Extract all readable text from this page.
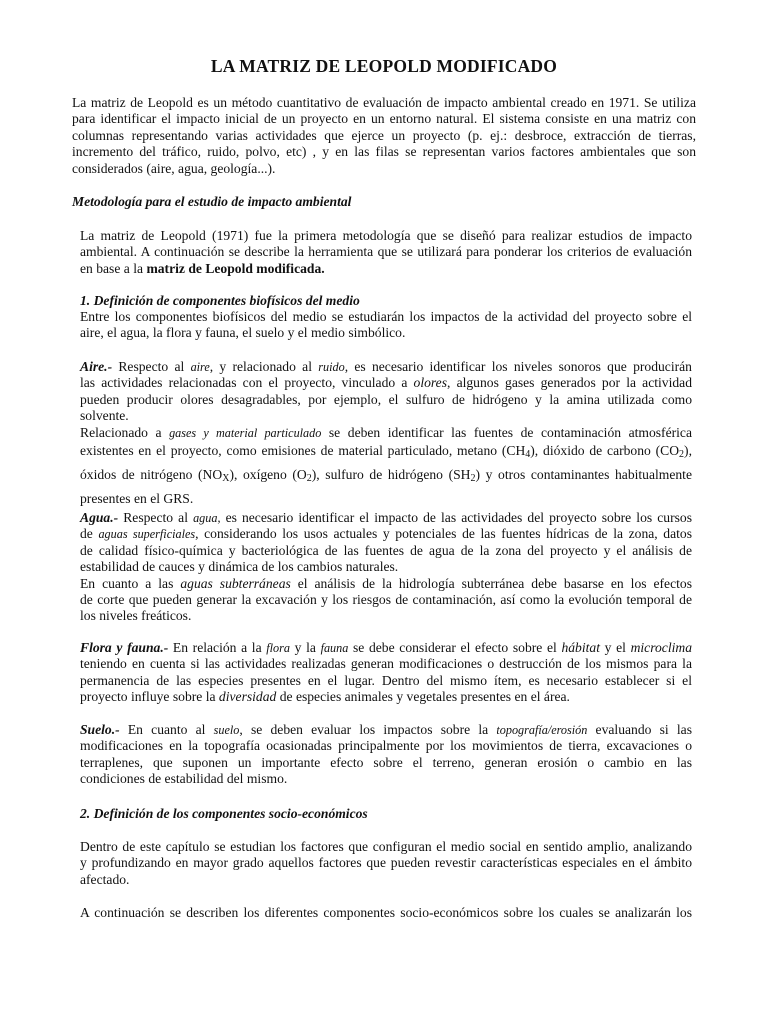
LA MATRIZ DE LEOPOLD MODIFICADO
La matriz de Leopold es un método cuantitativo de evaluación de impacto ambiental creado en 1971. Se utiliza
para identificar el impacto inicial de un proyecto en un entorno natural. El sistema consiste en una matriz con
columnas representando varias actividades que ejerce un proyecto (p. ej.: desbroce, extracción de tierras,
incremento del tráfico, ruido, polvo, etc) , y en las filas se representan varios factores ambientales que son
considerados (aire, agua, geología...).
Metodología para el estudio de impacto ambiental
La matriz de Leopold (1971) fue la primera metodología que se diseñó para realizar estudios de impacto
ambiental. A continuación se describe la herramienta que se utilizará para ponderar los criterios de evaluación
en base a la matriz de Leopold modificada.
1. Definición de componentes biofísicos del medio
Entre los componentes biofísicos del medio se estudiarán los impactos de la actividad del proyecto sobre el
aire, el agua, la flora y fauna, el suelo y el medio simbólico.
Aire.- Respecto al aire, y relacionado al ruido, es necesario identificar los niveles sonoros que producirán
las actividades relacionadas con el proyecto, vinculado a olores, algunos gases generados por la actividad
pueden producir olores desagradables, por ejemplo, el sulfuro de hidrógeno y la amina utilizada como
solvente.
Relacionado a gases y material particulado se deben identificar las fuentes de contaminación atmosférica
existentes en el proyecto, como emisiones de material particulado, metano $(CH_4)$, dióxido de carbono $(CO_2)$,
óxidos de nitrógeno $(NO_X)$, oxígeno $(O_2)$, sulfuro de hidrógeno $(SH_2)$ y otros contaminantes habitualmente
presentes en el GRS.
Agua.- Respecto al agua, es necesario identificar el impacto de las actividades del proyecto sobre los cursos
de aguas superficiales, considerando los usos actuales y potenciales de las fuentes hídricas de la zona, datos
de calidad físico-química y bacteriológica de las fuentes de agua de la zona del proyecto y el análisis de
estabilidad de cauces y dinámica de los cambios naturales.
En cuanto a las aguas subterráneas el análisis de la hidrología subterránea debe basarse en los efectos
de corte que pueden generar la excavación y los riesgos de contaminación, así como la evolución temporal de
los niveles freáticos.
Flora y fauna.- En relación a la flora y la fauna se debe considerar el efecto sobre el hábitat y el microclima
teniendo en cuenta si las actividades realizadas generan modificaciones o destrucción de los mismos para la
permanencia de las especies presentes en el lugar. Dentro del mismo ítem, es necesario establecer si el
proyecto influye sobre la diversidad de especies animales y vegetales presentes en el área.
Suelo.- En cuanto al suelo, se deben evaluar los impactos sobre la topografía/erosión evaluando si las
modificaciones en la topografía ocasionadas principalmente por los movimientos de tierra, excavaciones o
terraplenes, que suponen un importante efecto sobre el terreno, generan erosión o cambio en las
condiciones de estabilidad del mismo.
2. Definición de los componentes socio-económicos
Dentro de este capítulo se estudian los factores que configuran el medio social en sentido amplio, analizando
y profundizando en mayor grado aquellos factores que pueden revestir características especiales en el ámbito
afectado.
A continuación se describen los diferentes componentes socio-económicos sobre los cuales se analizarán los
